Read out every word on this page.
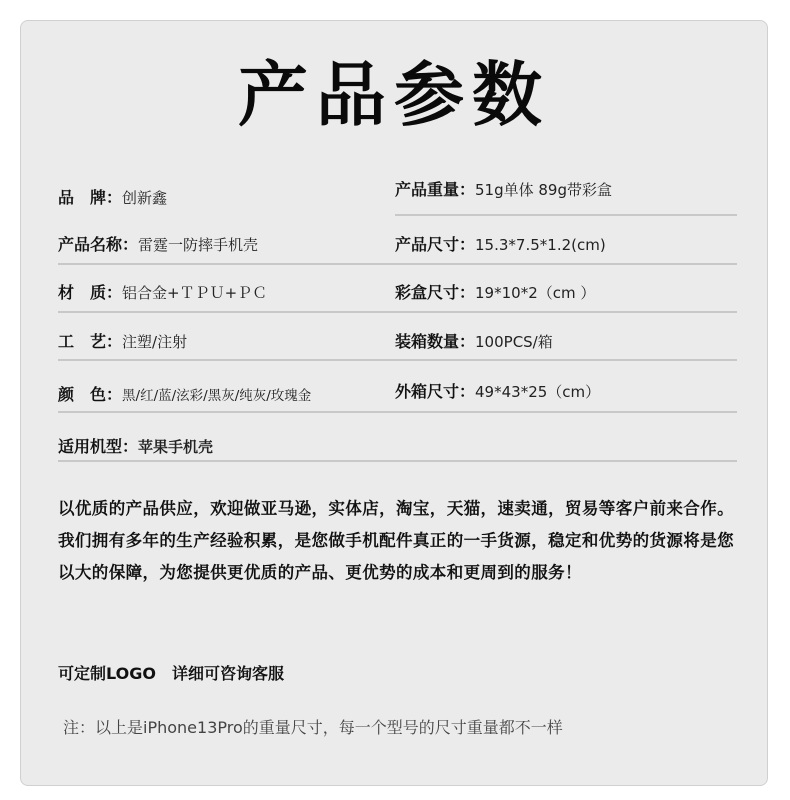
产品参数
品　牌：创新鑫
产品名称：雷霆一防摔手机壳
材　质：铝合金+ＴＰＵ+ＰＣ
工　艺：注塑/注射
颜　色：黑/红/蓝/泫彩/黑灰/纯灰/玫瑰金
适用机型：苹果手机壳
产品重量：51g单体 89g带彩盒
产品尺寸：15.3*7.5*1.2(cm)
彩盒尺寸：19*10*2（cm ）
装箱数量：100PCS/箱
外箱尺寸：49*43*25（cm）
以优质的产品供应，欢迎做亚马逊，实体店，淘宝，天猫，速卖通，贸易等客户前来合作。我们拥有多年的生产经验积累，是您做手机配件真正的一手货源，稳定和优势的货源将是您以大的保障，为您提供更优质的产品、更优势的成本和更周到的服务！
可定制LOGO　详细可咨询客服
注：以上是iPhone13Pro的重量尺寸，每一个型号的尺寸重量都不一样
